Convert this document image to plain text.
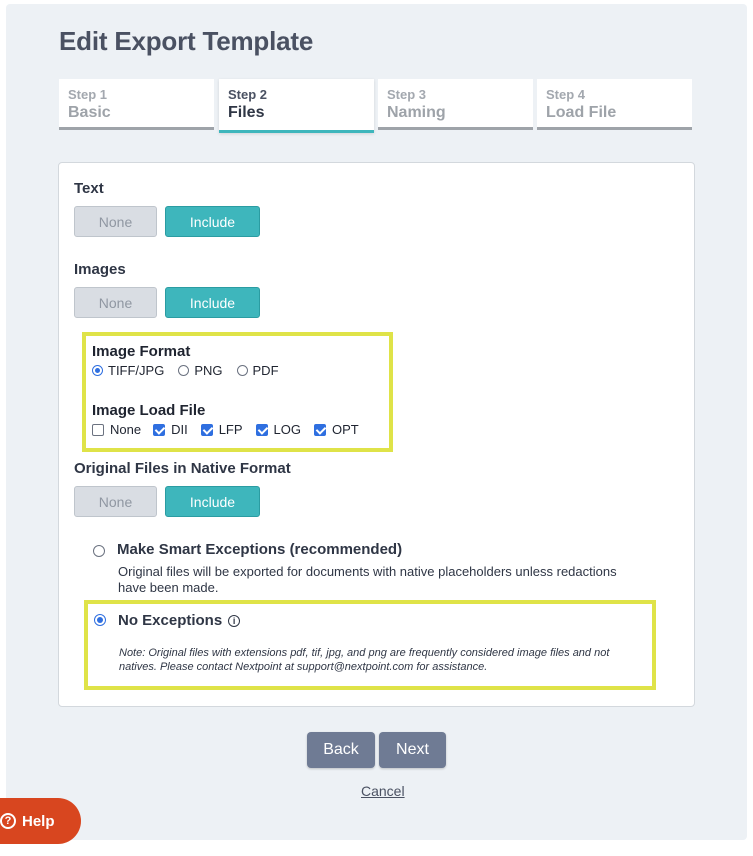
Edit Export Template
Step 1
Basic
Step 2
Files
Step 3
Naming
Step 4
Load File
Text
None	Include
Images
None	Include
Image Format
TIFF/JPG PNG PDF
Image Load File
None DII LFP LOG OPT
Original Files in Native Format
None	Include
Make Smart Exceptions (recommended)
Original files will be exported for documents with native placeholders unless redactions have been made.
No Exceptions i
Note: Original files with extensions pdf, tif, jpg, and png are frequently considered image files and not natives. Please contact Nextpoint at support@nextpoint.com for assistance.
Back	Next
Cancel
? Help
